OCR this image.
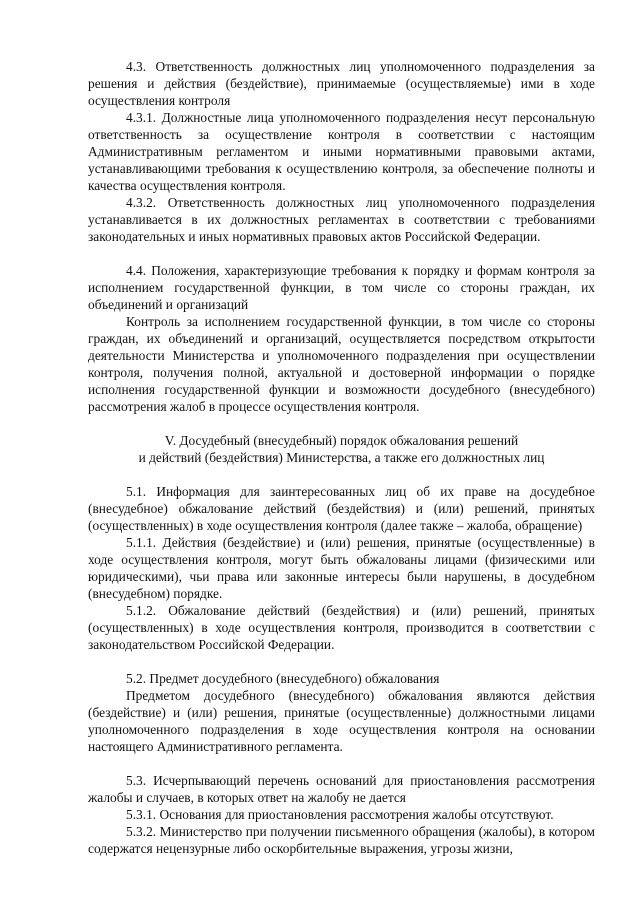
4.3. Ответственность должностных лиц уполномоченного подразделения за решения и действия (бездействие), принимаемые (осуществляемые) ими в ходе осуществления контроля

4.3.1. Должностные лица уполномоченного подразделения несут персональную ответственность за осуществление контроля в соответствии с настоящим Административным регламентом и иными нормативными правовыми актами, устанавливающими требования к осуществлению контроля, за обеспечение полноты и качества осуществления контроля.

4.3.2. Ответственность должностных лиц уполномоченного подразделения устанавливается в их должностных регламентах в соответствии с требованиями законодательных и иных нормативных правовых актов Российской Федерации.

4.4. Положения, характеризующие требования к порядку и формам контроля за исполнением государственной функции, в том числе со стороны граждан, их объединений и организаций

Контроль за исполнением государственной функции, в том числе со стороны граждан, их объединений и организаций, осуществляется посредством открытости деятельности Министерства и уполномоченного подразделения при осуществлении контроля, получения полной, актуальной и достоверной информации о порядке исполнения государственной функции и возможности досудебного (внесудебного) рассмотрения жалоб в процессе осуществления контроля.

V. Досудебный (внесудебный) порядок обжалования решений

и действий (бездействия) Министерства, а также его должностных лиц

5.1. Информация для заинтересованных лиц об их праве на досудебное (внесудебное) обжалование действий (бездействия) и (или) решений, принятых (осуществленных) в ходе осуществления контроля (далее также – жалоба, обращение)

5.1.1. Действия (бездействие) и (или) решения, принятые (осуществленные) в ходе осуществления контроля, могут быть обжалованы лицами (физическими или юридическими), чьи права или законные интересы были нарушены, в досудебном (внесудебном) порядке.

5.1.2. Обжалование действий (бездействия) и (или) решений, принятых (осуществленных) в ходе осуществления контроля, производится в соответствии с законодательством Российской Федерации.

5.2. Предмет досудебного (внесудебного) обжалования

Предметом досудебного (внесудебного) обжалования являются действия (бездействие) и (или) решения, принятые (осуществленные) должностными лицами уполномоченного подразделения в ходе осуществления контроля на основании настоящего Административного регламента.

5.3. Исчерпывающий перечень оснований для приостановления рассмотрения жалобы и случаев, в которых ответ на жалобу не дается

5.3.1. Основания для приостановления рассмотрения жалобы отсутствуют.

5.3.2. Министерство при получении письменного обращения (жалобы), в котором содержатся нецензурные либо оскорбительные выражения, угрозы жизни,
